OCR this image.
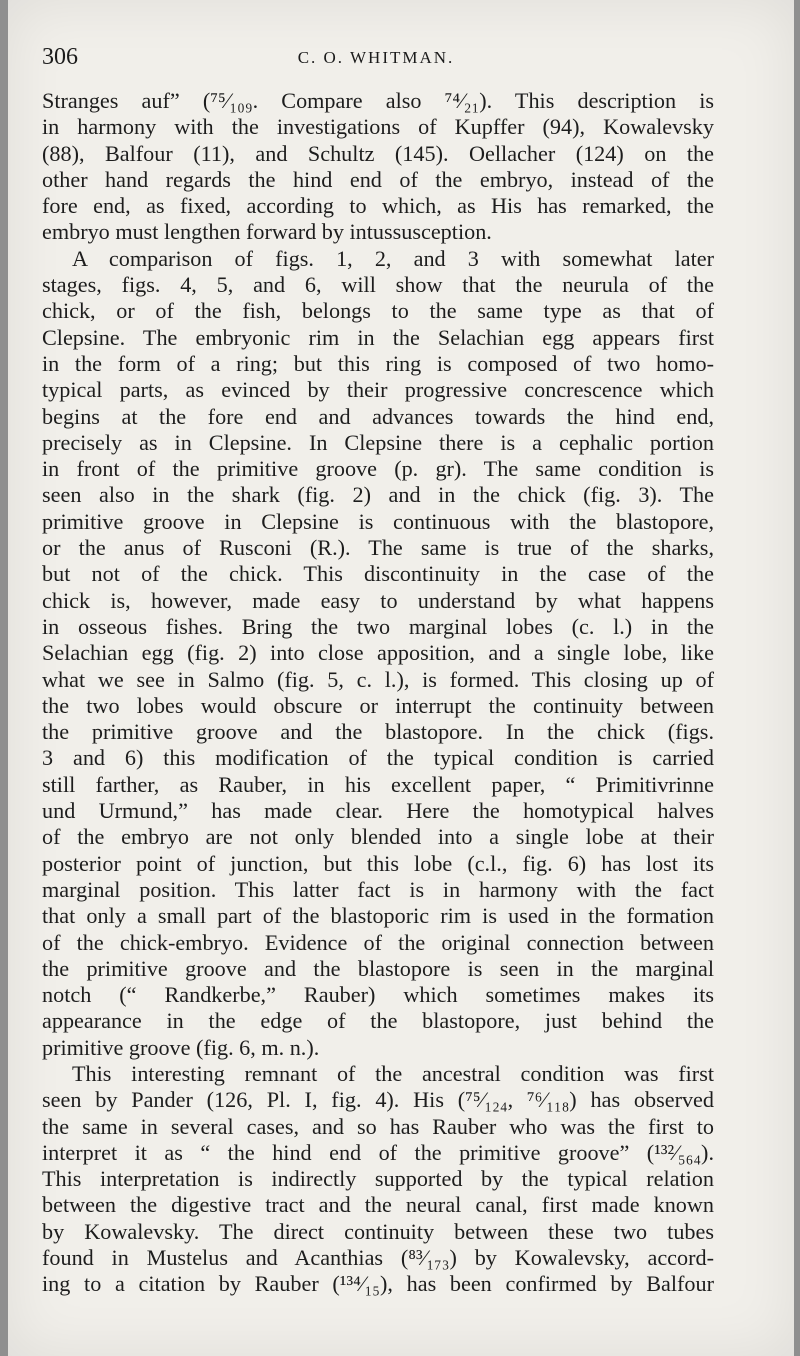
306	C. O. WHITMAN.
Stranges auf” (⁷⁵⁄₁₀₉. Compare also ⁷⁴⁄₂₁). This description is
in harmony with the investigations of Kupffer (94), Kowalevsky
(88), Balfour (11), and Schultz (145). Oellacher (124) on the
other hand regards the hind end of the embryo, instead of the
fore end, as fixed, according to which, as His has remarked, the
embryo must lengthen forward by intussusception.
A comparison of figs. 1, 2, and 3 with somewhat later
stages, figs. 4, 5, and 6, will show that the neurula of the
chick, or of the fish, belongs to the same type as that of
Clepsine. The embryonic rim in the Selachian egg appears first
in the form of a ring; but this ring is composed of two homo-
typical parts, as evinced by their progressive concrescence which
begins at the fore end and advances towards the hind end,
precisely as in Clepsine. In Clepsine there is a cephalic portion
in front of the primitive groove (p. gr). The same condition is
seen also in the shark (fig. 2) and in the chick (fig. 3). The
primitive groove in Clepsine is continuous with the blastopore,
or the anus of Rusconi (R.). The same is true of the sharks,
but not of the chick. This discontinuity in the case of the
chick is, however, made easy to understand by what happens
in osseous fishes. Bring the two marginal lobes (c. l.) in the
Selachian egg (fig. 2) into close apposition, and a single lobe, like
what we see in Salmo (fig. 5, c. l.), is formed. This closing up of
the two lobes would obscure or interrupt the continuity between
the primitive groove and the blastopore. In the chick (figs.
3 and 6) this modification of the typical condition is carried
still farther, as Rauber, in his excellent paper, “ Primitivrinne
und Urmund,” has made clear. Here the homotypical halves
of the embryo are not only blended into a single lobe at their
posterior point of junction, but this lobe (c.l., fig. 6) has lost its
marginal position. This latter fact is in harmony with the fact
that only a small part of the blastoporic rim is used in the formation
of the chick-embryo. Evidence of the original connection between
the primitive groove and the blastopore is seen in the marginal
notch (“ Randkerbe,” Rauber) which sometimes makes its
appearance in the edge of the blastopore, just behind the
primitive groove (fig. 6, m. n.).
This interesting remnant of the ancestral condition was first
seen by Pander (126, Pl. I, fig. 4). His (⁷⁵⁄₁₂₄, ⁷⁶⁄₁₁₈) has observed
the same in several cases, and so has Rauber who was the first to
interpret it as “ the hind end of the primitive groove” (¹³²⁄₅₆₄).
This interpretation is indirectly supported by the typical relation
between the digestive tract and the neural canal, first made known
by Kowalevsky. The direct continuity between these two tubes
found in Mustelus and Acanthias (⁸³⁄₁₇₃) by Kowalevsky, accord-
ing to a citation by Rauber (¹³⁴⁄₁₅), has been confirmed by Balfour
